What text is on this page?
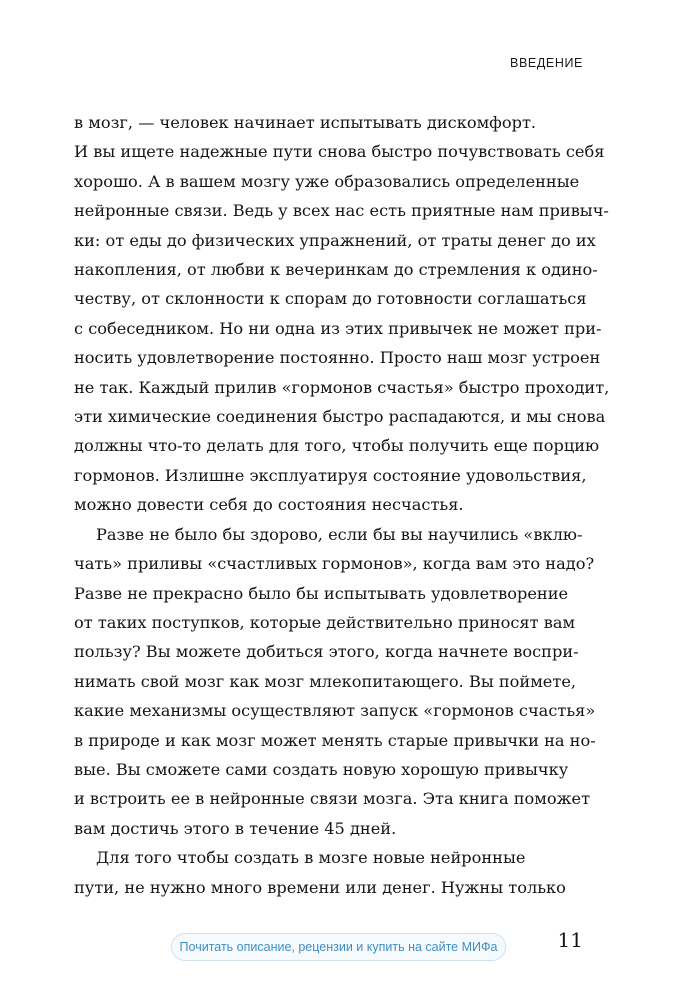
ВВЕДЕНИЕ
в мозг, — человек начинает испытывать дискомфорт.
И вы ищете надежные пути снова быстро почувствовать себя
хорошо. А в вашем мозгу уже образовались определенные
нейронные связи. Ведь у всех нас есть приятные нам привыч-
ки: от еды до физических упражнений, от траты денег до их
накопления, от любви к вечеринкам до стремления к одино-
честву, от склонности к спорам до готовности соглашаться
с собеседником. Но ни одна из этих привычек не может при-
носить удовлетворение постоянно. Просто наш мозг устроен
не так. Каждый прилив «гормонов счастья» быстро проходит,
эти химические соединения быстро распадаются, и мы снова
должны что-то делать для того, чтобы получить еще порцию
гормонов. Излишне эксплуатируя состояние удовольствия,
можно довести себя до состояния несчастья.
Разве не было бы здорово, если бы вы научились «вклю-
чать» приливы «счастливых гормонов», когда вам это надо?
Разве не прекрасно было бы испытывать удовлетворение
от таких поступков, которые действительно приносят вам
пользу? Вы можете добиться этого, когда начнете воспри-
нимать свой мозг как мозг млекопитающего. Вы поймете,
какие механизмы осуществляют запуск «гормонов счастья»
в природе и как мозг может менять старые привычки на но-
вые. Вы сможете сами создать новую хорошую привычку
и встроить ее в нейронные связи мозга. Эта книга поможет
вам достичь этого в течение 45 дней.
Для того чтобы создать в мозге новые нейронные
пути, не нужно много времени или денег. Нужны только
Почитать описание, рецензии и купить на сайте МИФа	11
